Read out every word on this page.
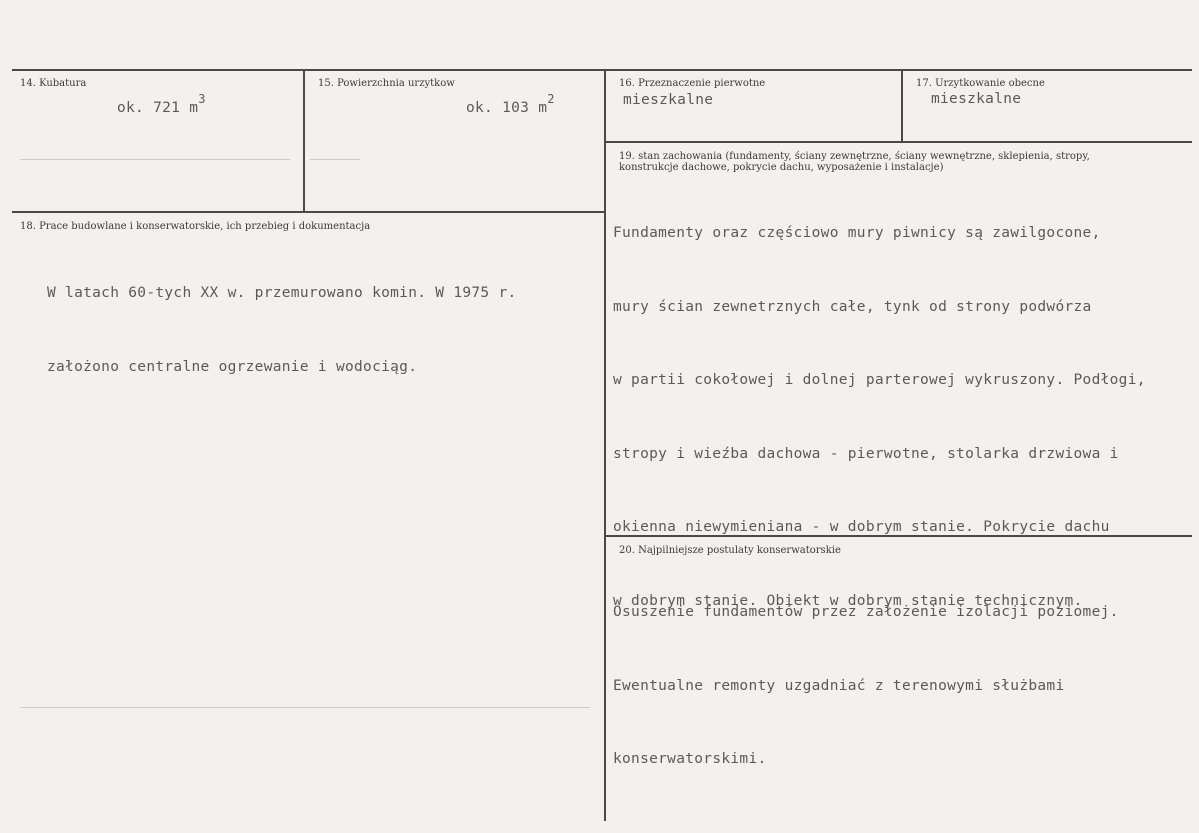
14. Kubatura
ok. 721 $m^3$
15. Powierzchnia urzytkow
ok. 103 $m^2$
16. Przeznaczenie pierwotne
mieszkalne
17. Urzytkowanie obecne
mieszkalne
18. Prace budowlane i konserwatorskie, ich przebieg i dokumentacja

W latach 60-tych XX w. przemurowano komin. W 1975 r.

założono centralne ogrzewanie i wodociąg.

19. stan zachowania (fundamenty, ściany zewnętrzne, ściany wewnętrzne, sklepienia, stropy, konstrukcje dachowe, pokrycie dachu, wyposażenie i instalacje)

Fundamenty oraz częściowo mury piwnicy są zawilgocone,

mury ścian zewnetrznych całe, tynk od strony podwórza

w partii cokołowej i dolnej parterowej wykruszony. Podłogi,

stropy i wieźba dachowa - pierwotne, stolarka drzwiowa i

okienna niewymieniana - w dobrym stanie. Pokrycie dachu

w dobrym stanie. Obiekt w dobrym stanie technicznym.

20. Najpilniejsze postulaty konserwatorskie

Osuszenie fundamentów przez założenie izolacji poziomej.

Ewentualne remonty uzgadniać z terenowymi służbami

konserwatorskimi.
